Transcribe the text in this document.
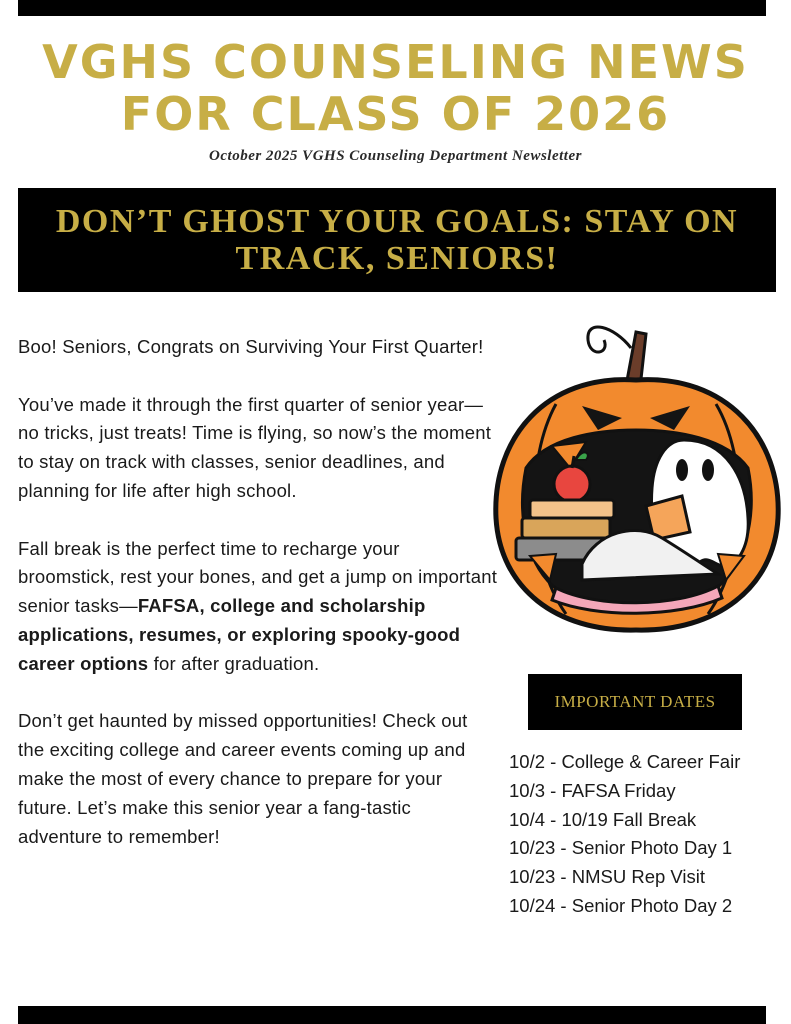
VGHS COUNSELING NEWS
FOR CLASS OF 2026
October 2025 VGHS Counseling Department Newsletter
DON’T GHOST YOUR GOALS: STAY ON
TRACK, SENIORS!

Boo! Seniors, Congrats on Surviving Your First Quarter!

You’ve made it through the first quarter of senior year—no tricks, just treats! Time is flying, so now’s the moment to stay on track with classes, senior deadlines, and planning for life after high school.

Fall break is the perfect time to recharge your broomstick, rest your bones, and get a jump on important senior tasks—FAFSA, college and scholarship applications, resumes, or exploring spooky-good career options for after graduation.

Don’t get haunted by missed opportunities! Check out the exciting college and career events coming up and make the most of every chance to prepare for your future. Let’s make this senior year a fang-tastic adventure to remember!

IMPORTANT DATES
10/2 - College & Career Fair
10/3 - FAFSA Friday
10/4 - 10/19 Fall Break
10/23 - Senior Photo Day 1
10/23 - NMSU Rep Visit
10/24 - Senior Photo Day 2
